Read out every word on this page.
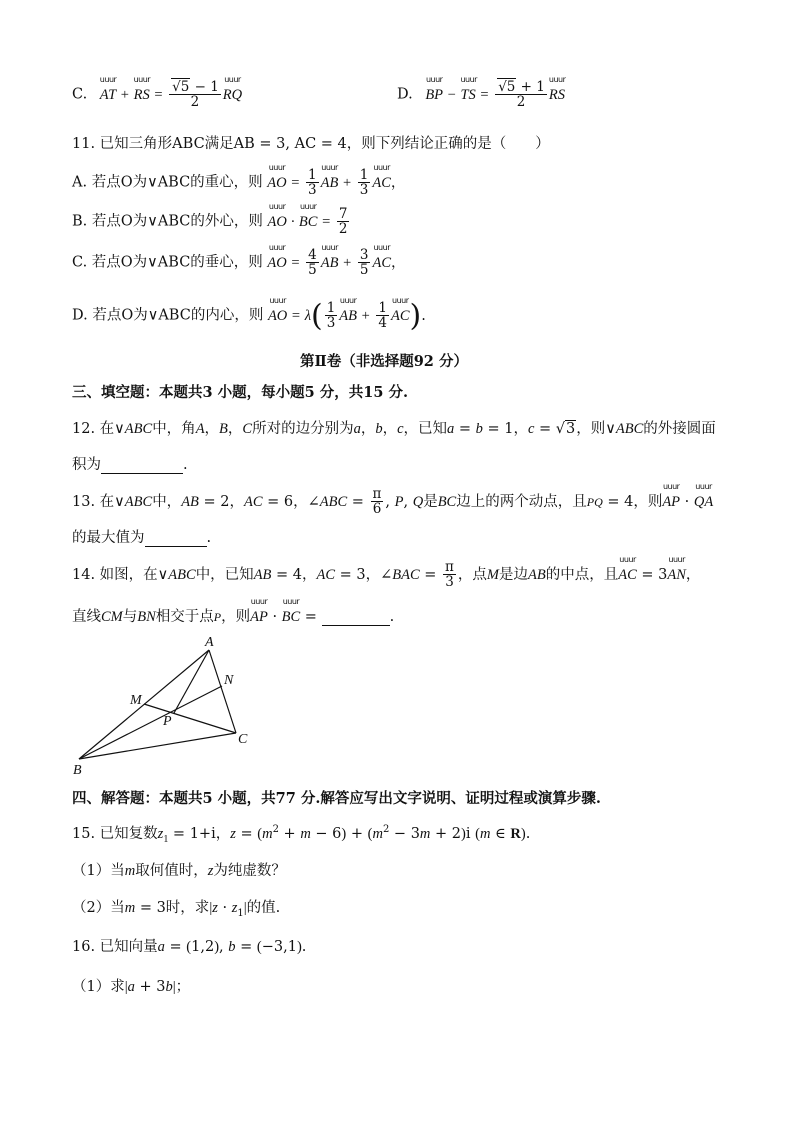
C. uuur AT + uuur RS = $\frac{√5 - 1}{2}$ uuur RQ	D. uuur BP − uuur TS = $\frac{√5 + 1}{2}$ uuur RS
11. 已知三角形ABC满足AB = 3, AC = 4，则下列结论正确的是（　　）
A. 若点O为∨ABC的重心，则 uuur AO = $\frac{1}{3}$ uuur AB + $\frac{1}{3}$ uuur AC，
B. 若点O为∨ABC的外心，则 uuur AO · uuur BC = $\frac{7}{2}$
C. 若点O为∨ABC的垂心，则 uuur AO = $\frac{4}{5}$ uuur AB + $\frac{3}{5}$ uuur AC，
D. 若点O为∨ABC的内心，则 uuur AO = $\lambda( \frac{1}{3}$ uuur AB + $\frac{1}{4}$ uuur AC).
第Ⅱ卷（非选择题92 分）
三、填空题：本题共3 小题，每小题5 分，共15 分.
12. 在∨ABC中，角A，B，C所对的边分别为a，b，c，已知a = b = 1，c = √3，则∨ABC的外接圆面
积为	.
13. 在∨ABC中，AB = 2，AC = 6，∠ABC = $\frac{\pi}{6}$ , P, Q是BC边上的两个动点，且PQ = 4，则uuur AP · uuur QA
的最大值为	.
14. 如图，在∨ABC中，已知AB = 4，AC = 3，∠BAC = $\frac{\pi}{3}$ ，点M是边AB的中点，且uuur AC = 3uuur AN，
直线CM与BN相交于点P，则uuur AP · uuur BC =	.
A
N
M
P
C
B
四、解答题：本题共5 小题，共77 分.解答应写出文字说明、证明过程或演算步骤.
15. 已知复数$z_1 = 1+i$，$z = (m^2 + m - 6) + (m^2 - 3m + 2)i$ (m ∈ R).
（1）当m取何值时，z为纯虚数？
（2）当m = 3时，求$|z \cdot z_1|$的值.
16. 已知向量a = (1,2), b = (−3,1).
（1）求|a + 3b|；
